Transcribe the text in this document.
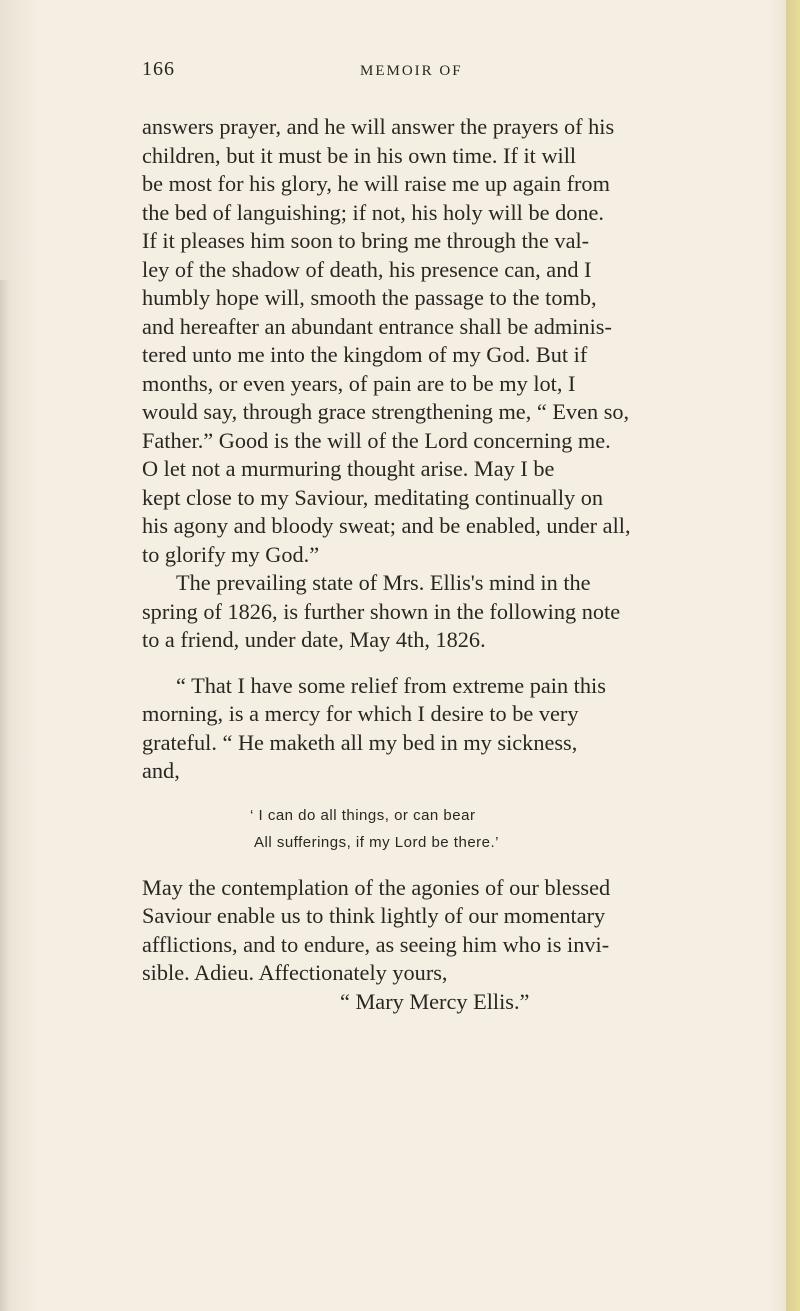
166	MEMOIR OF
answers prayer, and he will answer the prayers of his
children, but it must be in his own time. If it will
be most for his glory, he will raise me up again from
the bed of languishing; if not, his holy will be done.
If it pleases him soon to bring me through the val-
ley of the shadow of death, his presence can, and I
humbly hope will, smooth the passage to the tomb,
and hereafter an abundant entrance shall be adminis-
tered unto me into the kingdom of my God. But if
months, or even years, of pain are to be my lot, I
would say, through grace strengthening me, “ Even so,
Father.” Good is the will of the Lord concerning me.
O let not a murmuring thought arise. May I be
kept close to my Saviour, meditating continually on
his agony and bloody sweat; and be enabled, under all,
to glorify my God.”
The prevailing state of Mrs. Ellis's mind in the
spring of 1826, is further shown in the following note
to a friend, under date, May 4th, 1826.
“ That I have some relief from extreme pain this
morning, is a mercy for which I desire to be very
grateful. “ He maketh all my bed in my sickness,
and,
‘ I can do all things, or can bear
All sufferings, if my Lord be there.’
May the contemplation of the agonies of our blessed
Saviour enable us to think lightly of our momentary
afflictions, and to endure, as seeing him who is invi-
sible. Adieu. Affectionately yours,
“ Mary Mercy Ellis.”
